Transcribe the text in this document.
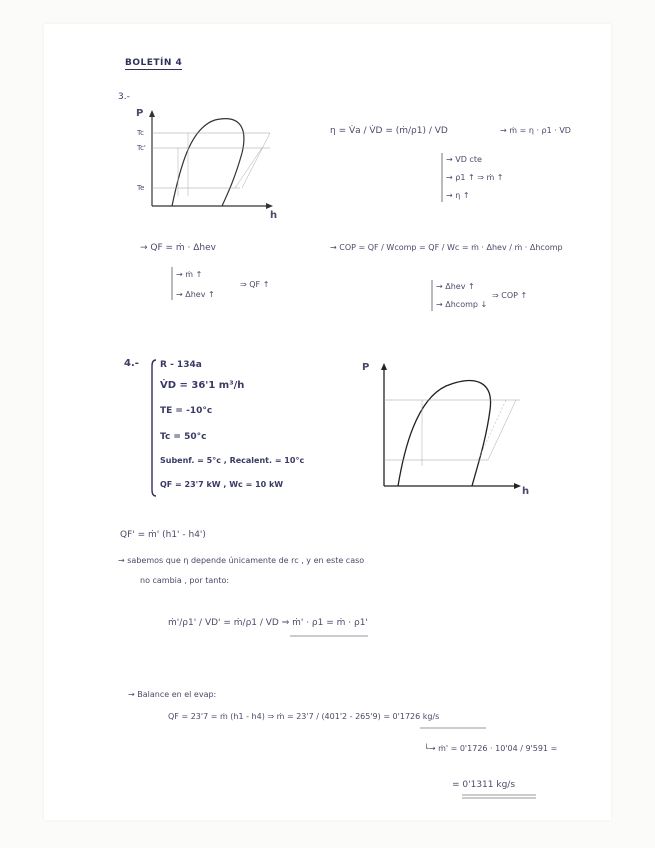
BOLETÍN 4
3.-
P
h
Tc
Tc'
Te
η = V̇a / V̇D = (ṁ/ρ1) / VD	→ ṁ = η · ρ1 · VD
→ VD cte
→ ρ1 ↑ ⇒ ṁ ↑
→ η ↑
→ QF = ṁ · Δhev
→ ṁ ↑
→ Δhev ↑
⇒ QF ↑
→ COP = QF / Wcomp = QF / Wc = ṁ · Δhev / ṁ · Δhcomp
→ Δhev ↑
→ Δhcomp ↓
⇒ COP ↑
4.- R - 134a
V̇D = 36'1 m³/h
TE = -10°c
Tc = 50°c
Subenf. = 5°c , Recalent. = 10°c
QF = 23'7 kW , Wc = 10 kW
P
h
QF' = ṁ' (h1' - h4')
→ sabemos que η depende únicamente de rc , y en este caso
no cambia , por tanto:
ṁ'/ρ1' / VD' = ṁ/ρ1 / VD ⇒ ṁ' · ρ1 = ṁ · ρ1'
→ Balance en el evap:
QF = 23'7 = ṁ (h1 - h4) ⇒ ṁ = 23'7 / (401'2 - 265'9) = 0'1726 kg/s
└→ ṁ' = 0'1726 · 10'04 / 9'591 =
= 0'1311 kg/s
